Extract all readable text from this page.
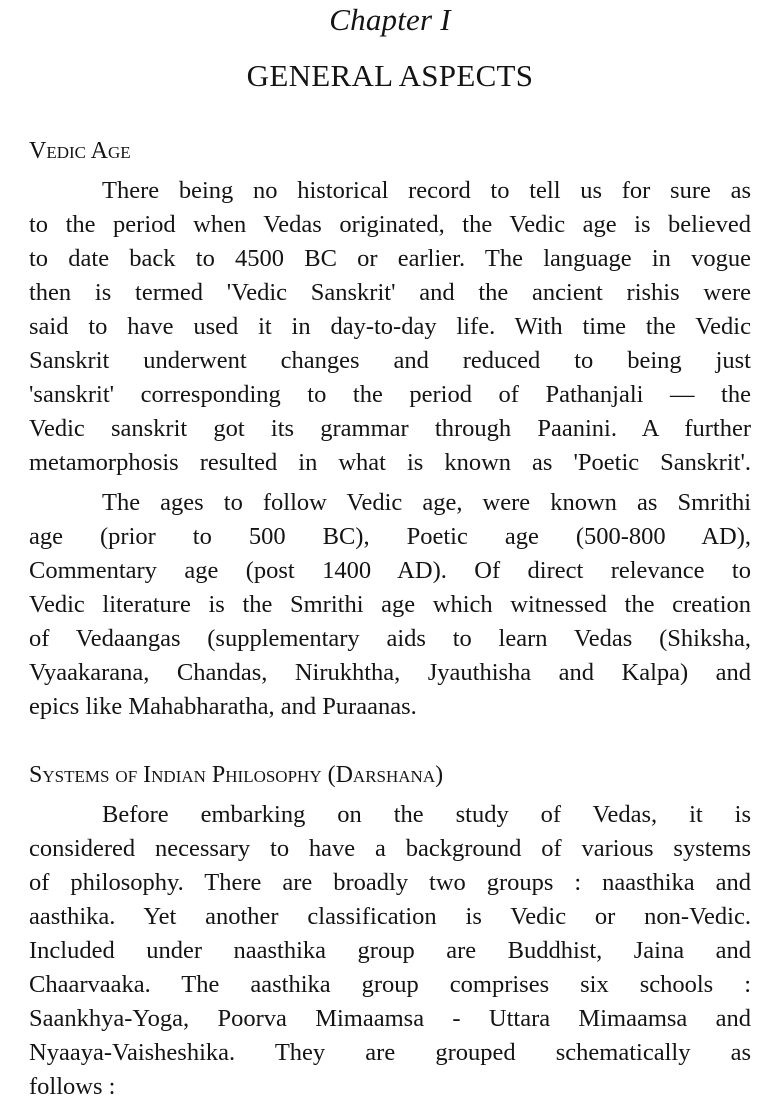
Chapter I
GENERAL ASPECTS
Vedic Age
There being no historical record to tell us for sure as
to the period when Vedas originated, the Vedic age is believed
to date back to 4500 BC or earlier. The language in vogue
then is termed 'Vedic Sanskrit' and the ancient rishis were
said to have used it in day-to-day life. With time the Vedic
Sanskrit underwent changes and reduced to being just
'sanskrit' corresponding to the period of Pathanjali — the
Vedic sanskrit got its grammar through Paanini. A further
metamorphosis resulted in what is known as 'Poetic Sanskrit'.
The ages to follow Vedic age, were known as Smrithi
age (prior to 500 BC), Poetic age (500-800 AD),
Commentary age (post 1400 AD). Of direct relevance to
Vedic literature is the Smrithi age which witnessed the creation
of Vedaangas (supplementary aids to learn Vedas (Shiksha,
Vyaakarana, Chandas, Nirukhtha, Jyauthisha and Kalpa) and
epics like Mahabharatha, and Puraanas.
Systems of Indian Philosophy (Darshana)
Before embarking on the study of Vedas, it is
considered necessary to have a background of various systems
of philosophy. There are broadly two groups : naasthika and
aasthika. Yet another classification is Vedic or non-Vedic.
Included under naasthika group are Buddhist, Jaina and
Chaarvaaka. The aasthika group comprises six schools :
Saankhya-Yoga, Poorva Mimaamsa - Uttara Mimaamsa and
Nyaaya-Vaisheshika. They are grouped schematically as
follows :
